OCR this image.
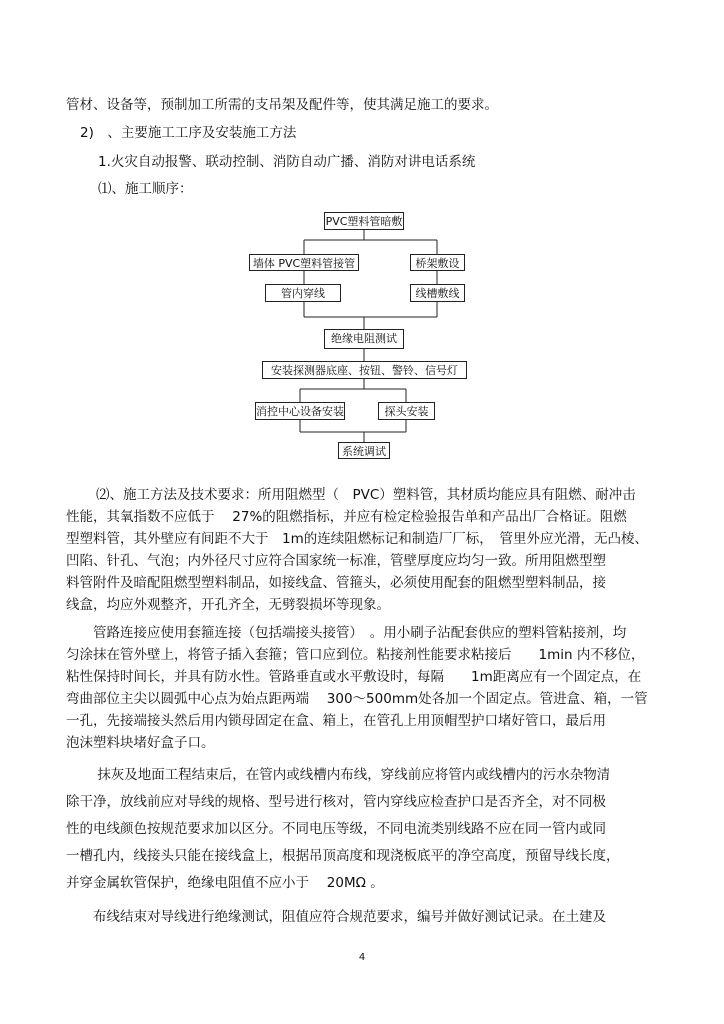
管材、设备等，预制加工所需的支吊架及配件等，使其满足施工的要求。
2)　、主要施工工序及安装施工方法
1.火灾自动报警、联动控制、消防自动广播、消防对讲电话系统
⑴、施工顺序：
PVC塑料管暗敷
墙体 PVC塑料管接管	桥架敷设
管内穿线	线槽敷线
绝缘电阻测试
安装探测器底座、按钮、警铃、信号灯
消控中心设备安装	探头安装
系统调试

⑵、施工方法及技术要求：所用阻燃型（　PVC）塑料管，其材质均能应具有阻燃、耐冲击

性能，其氧指数不应低于　 27%的阻燃指标，并应有检定检验报告单和产品出厂合格证。阻燃

型塑料管，其外壁应有间距不大于　1m的连续阻燃标记和制造厂厂标，　管里外应光滑，无凸棱、

凹陷、针孔、气泡；内外径尺寸应符合国家统一标准，管壁厚度应均匀一致。所用阻燃型塑

料管附件及暗配阻燃型塑料制品，如接线盒、管箍头，必须使用配套的阻燃型塑料制品，接

线盒，均应外观整齐，开孔齐全，无劈裂损坏等现象。

　　管路连接应使用套箍连接（包括端接头接管）　。用小刷子沾配套供应的塑料管粘接剂，均

匀涂抹在管外壁上，将管子插入套箍；管口应到位。粘接剂性能要求粘接后　　1min 内不移位，

粘性保持时间长，并具有防水性。管路垂直或水平敷设时，每隔　　1m距离应有一个固定点，在

弯曲部位主尖以圆弧中心点为始点距两端　 300～500mm处各加一个固定点。管进盒、箱，一管

一孔，先接端接头然后用内锁母固定在盒、箱上，在管孔上用顶帽型护口堵好管口，最后用

泡沫塑料块堵好盒子口。

　　 抹灰及地面工程结束后，在管内或线槽内布线，穿线前应将管内或线槽内的污水杂物清

除干净，放线前应对导线的规格、型号进行核对，管内穿线应检查护口是否齐全，对不同极

性的电线颜色按规范要求加以区分。不同电压等级，不同电流类别线路不应在同一管内或同

一槽孔内，线接头只能在接线盒上，根据吊顶高度和现浇板底平的净空高度，预留导线长度，

并穿金属软管保护，绝缘电阻值不应小于　 20MΩ 。

　　布线结束对导线进行绝缘测试，阻值应符合规范要求，编号并做好测试记录。在土建及

4
